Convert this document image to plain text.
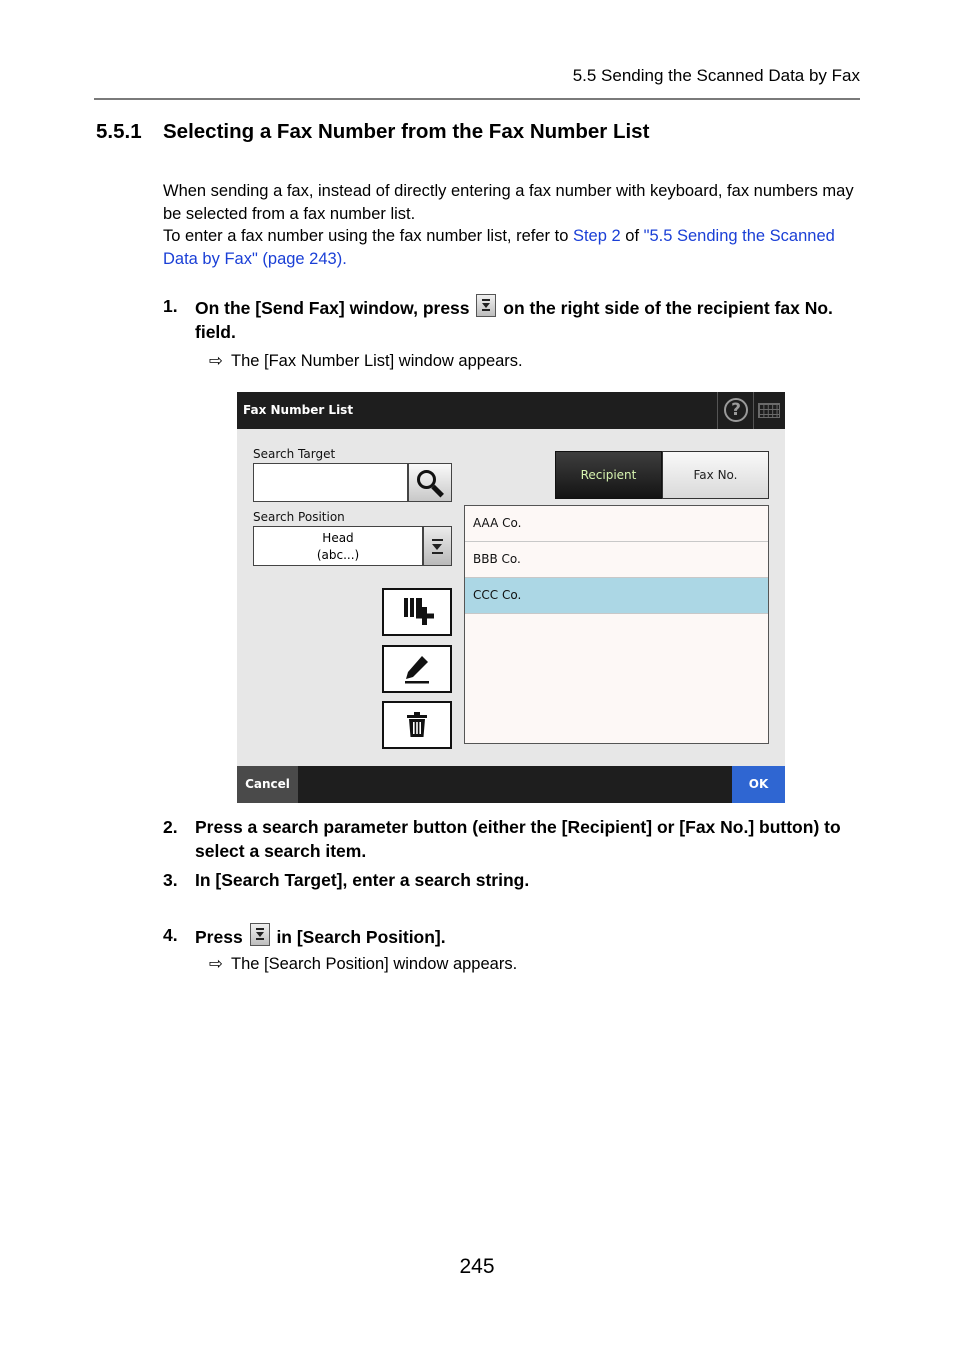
5.5 Sending the Scanned Data by Fax
5.5.1 Selecting a Fax Number from the Fax Number List
When sending a fax, instead of directly entering a fax number with keyboard, fax numbers may be selected from a fax number list.
To enter a fax number using the fax number list, refer to Step 2 of "5.5 Sending the Scanned Data by Fax" (page 243).
1. On the [Send Fax] window, press on the right side of the recipient fax No. field.
⇨ The [Fax Number List] window appears.
Fax Number List	?
Search Target
Search Position
Head
(abc...)
Recipient	Fax No.
AAA Co.
BBB Co.
CCC Co.
Cancel	OK
2. Press a search parameter button (either the [Recipient] or [Fax No.] button) to select a search item.
3. In [Search Target], enter a search string.
4. Press in [Search Position].
⇨ The [Search Position] window appears.
245
